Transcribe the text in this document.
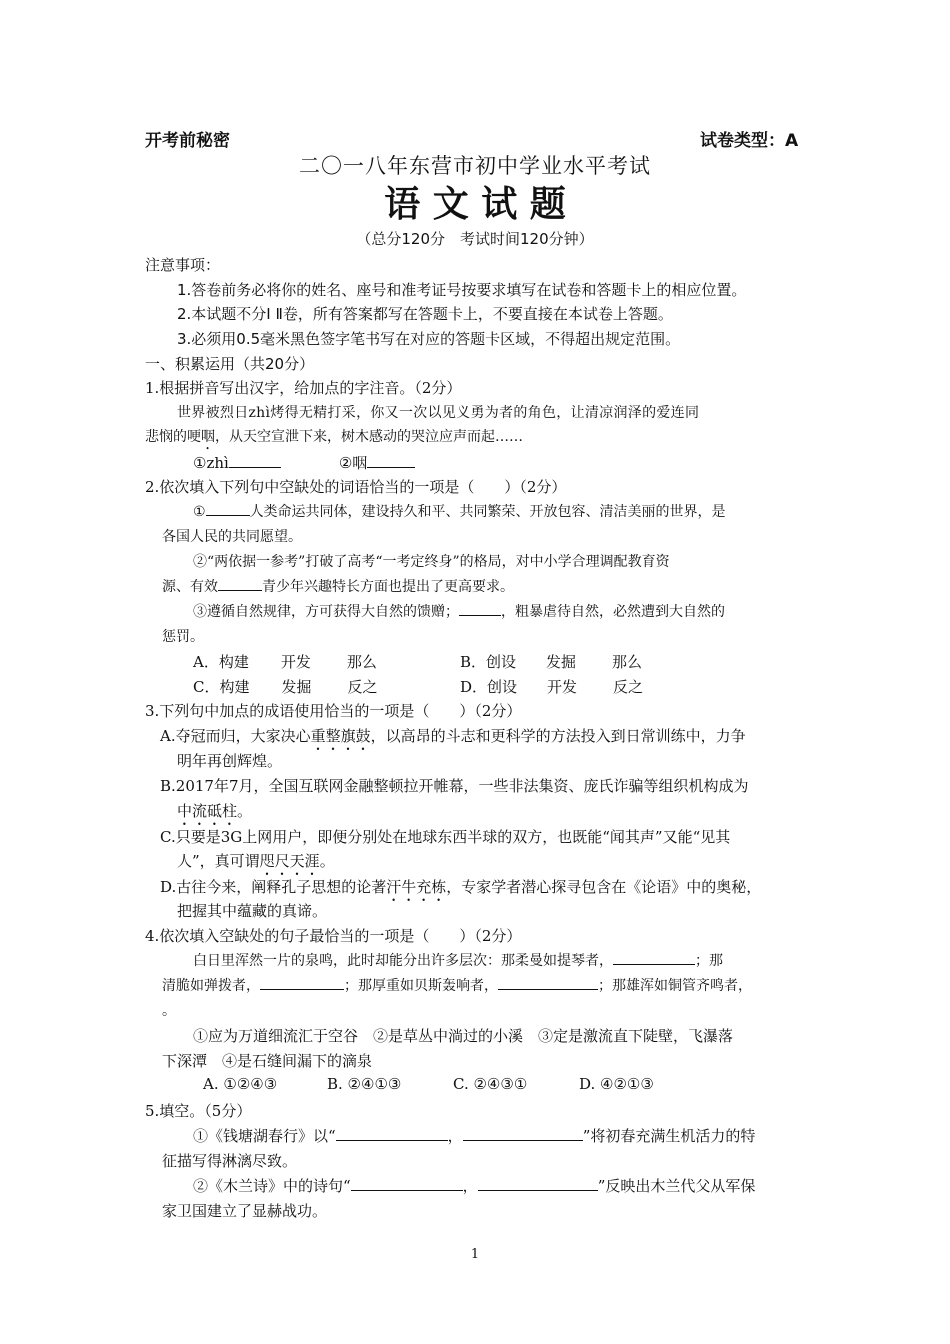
开考前秘密	试卷类型：A
二〇一八年东营市初中学业水平考试
语 文 试 题
（总分120分　考试时间120分钟）
注意事项：
1.答卷前务必将你的姓名、座号和准考证号按要求填写在试卷和答题卡上的相应位置。
2.本试题不分Ⅰ Ⅱ卷，所有答案都写在答题卡上，不要直接在本试卷上答题。
3.必须用0.5毫米黑色签字笔书写在对应的答题卡区域，不得超出规定范围。
一、积累运用（共20分）
1.根据拼音写出汉字，给加点的字注音。（2分）
世界被烈日zhì烤得无精打采，你又一次以见义勇为者的角色，让清凉润泽的爱连同
悲悯的哽咽，从天空宣泄下来，树木感动的哭泣应声而起……
①zhì	②咽
2.依次填入下列句中空缺处的词语恰当的一项是（　　）（2分）
①	人类命运共同体，建设持久和平、共同繁荣、开放包容、清洁美丽的世界，是
各国人民的共同愿望。
②“两依据一参考”打破了高考“一考定终身”的格局，对中小学合理调配教育资
源、有效	青少年兴趣特长方面也提出了更高要求。
③遵循自然规律，方可获得大自然的馈赠；	，粗暴虐待自然，必然遭到大自然的
惩罚。
A．构建 开发 那么	B．创设 发掘 那么
C．构建 发掘 反之	D．创设 开发 反之
3.下列句中加点的成语使用恰当的一项是（　　）（2分）
A.夺冠而归，大家决心重整旗鼓，以高昂的斗志和更科学的方法投入到日常训练中，力争
明年再创辉煌。
B.2017年7月，全国互联网金融整顿拉开帷幕，一些非法集资、庞氏诈骗等组织机构成为
中流砥柱。
C.只要是3G上网用户，即便分别处在地球东西半球的双方，也既能“闻其声”又能“见其
人”，真可谓咫尺天涯。
D.古往今来，阐释孔子思想的论著汗牛充栋，专家学者潜心探寻包含在《论语》中的奥秘，
把握其中蕴藏的真谛。
4.依次填入空缺处的句子最恰当的一项是（　　）（2分）
白日里浑然一片的泉鸣，此时却能分出许多层次：那柔曼如提琴者，	；那
清脆如弹拨者，	；那厚重如贝斯轰响者，	；那雄浑如铜管齐鸣者，
。
①应为万道细流汇于空谷　②是草丛中淌过的小溪　③定是激流直下陡壁，飞瀑落
下深潭　④是石缝间漏下的滴泉
A. ①②④③	B. ②④①③	C. ②④③①	D. ④②①③
5.填空。（5分）
①《钱塘湖春行》以“	，	”将初春充满生机活力的特
征描写得淋漓尽致。
②《木兰诗》中的诗句“	，	”反映出木兰代父从军保
家卫国建立了显赫战功。
1
